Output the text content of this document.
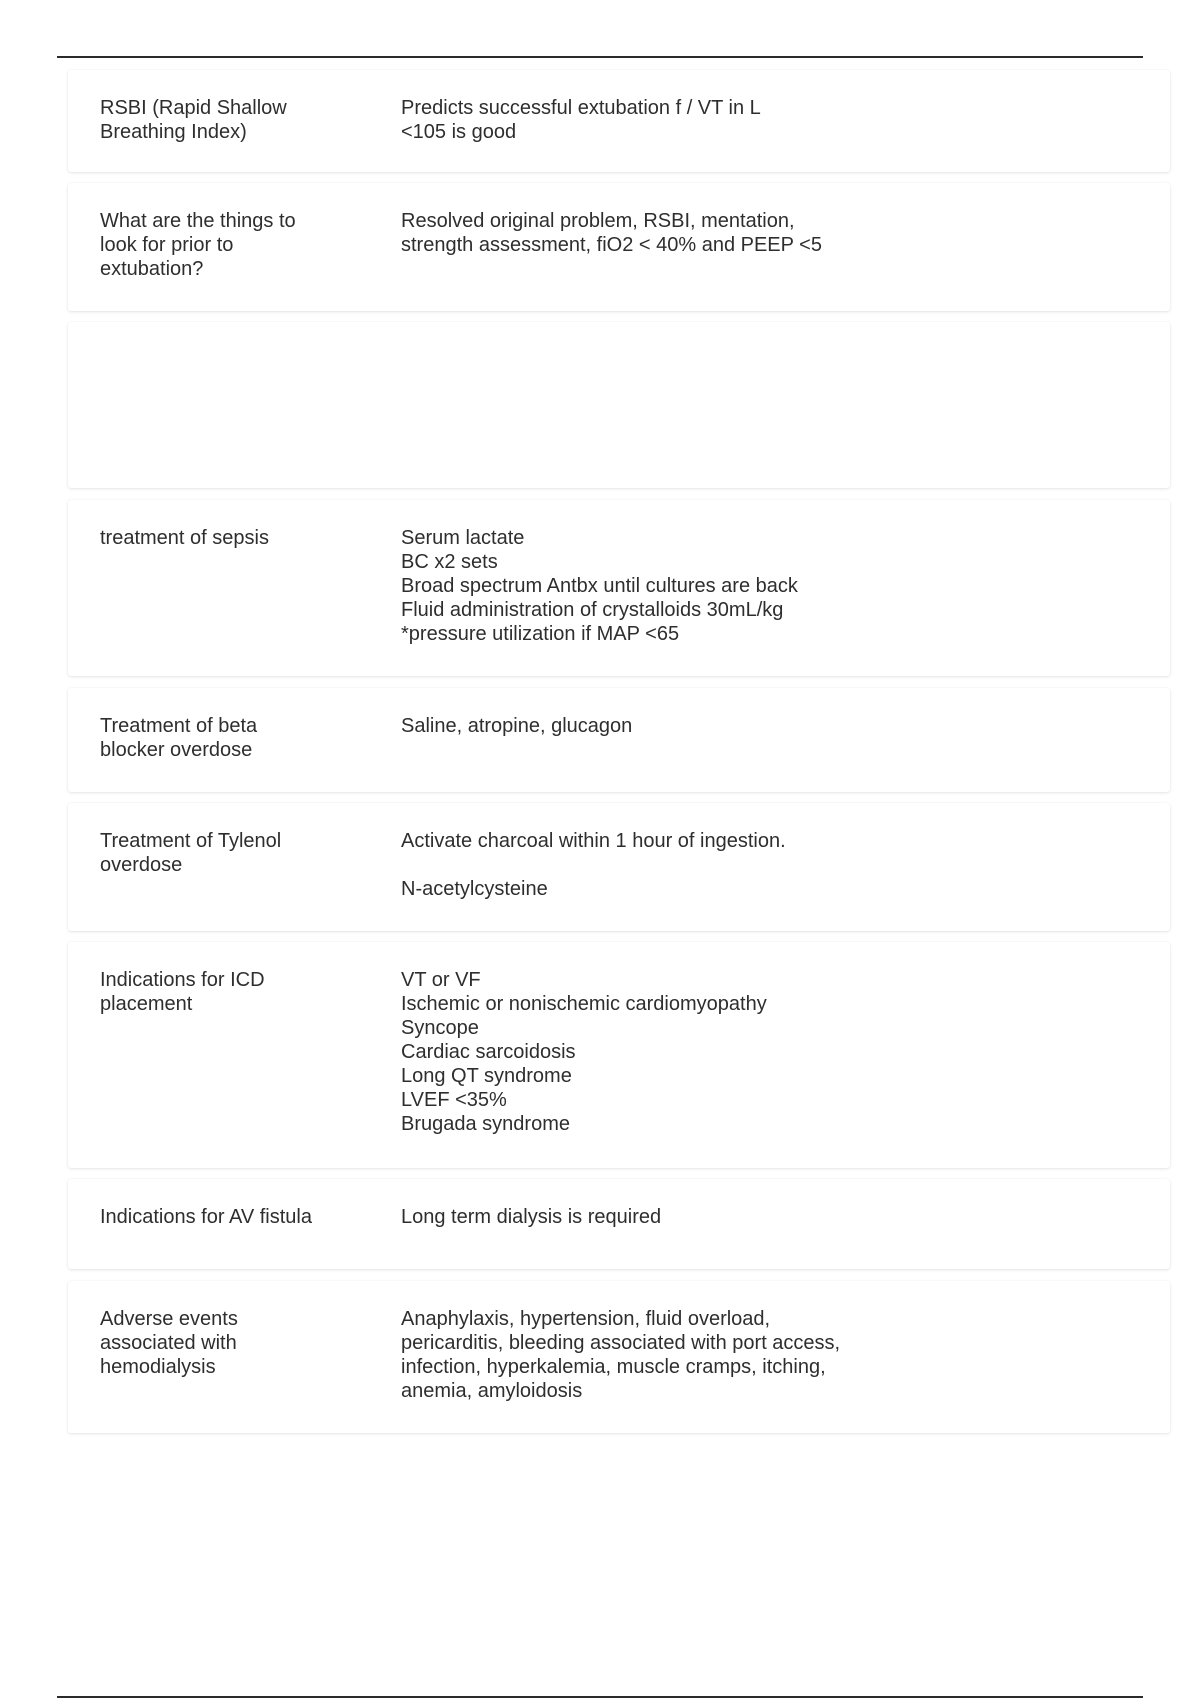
RSBI (Rapid Shallow
Breathing Index)
Predicts successful extubation f / VT in L
<105 is good
What are the things to
look for prior to
extubation?
Resolved original problem, RSBI, mentation,
strength assessment, fiO2 < 40% and PEEP <5
treatment of sepsis	Serum lactate
BC x2 sets
Broad spectrum Antbx until cultures are back
Fluid administration of crystalloids 30mL/kg
*pressure utilization if MAP <65
Treatment of beta
blocker overdose
Saline, atropine, glucagon
Treatment of Tylenol
overdose
Activate charcoal within 1 hour of ingestion.

N-acetylcysteine
Indications for ICD
placement
VT or VF
Ischemic or nonischemic cardiomyopathy
Syncope
Cardiac sarcoidosis
Long QT syndrome
LVEF <35%
Brugada syndrome
Indications for AV fistula	Long term dialysis is required
Adverse events
associated with
hemodialysis
Anaphylaxis, hypertension, fluid overload,
pericarditis, bleeding associated with port access,
infection, hyperkalemia, muscle cramps, itching,
anemia, amyloidosis
